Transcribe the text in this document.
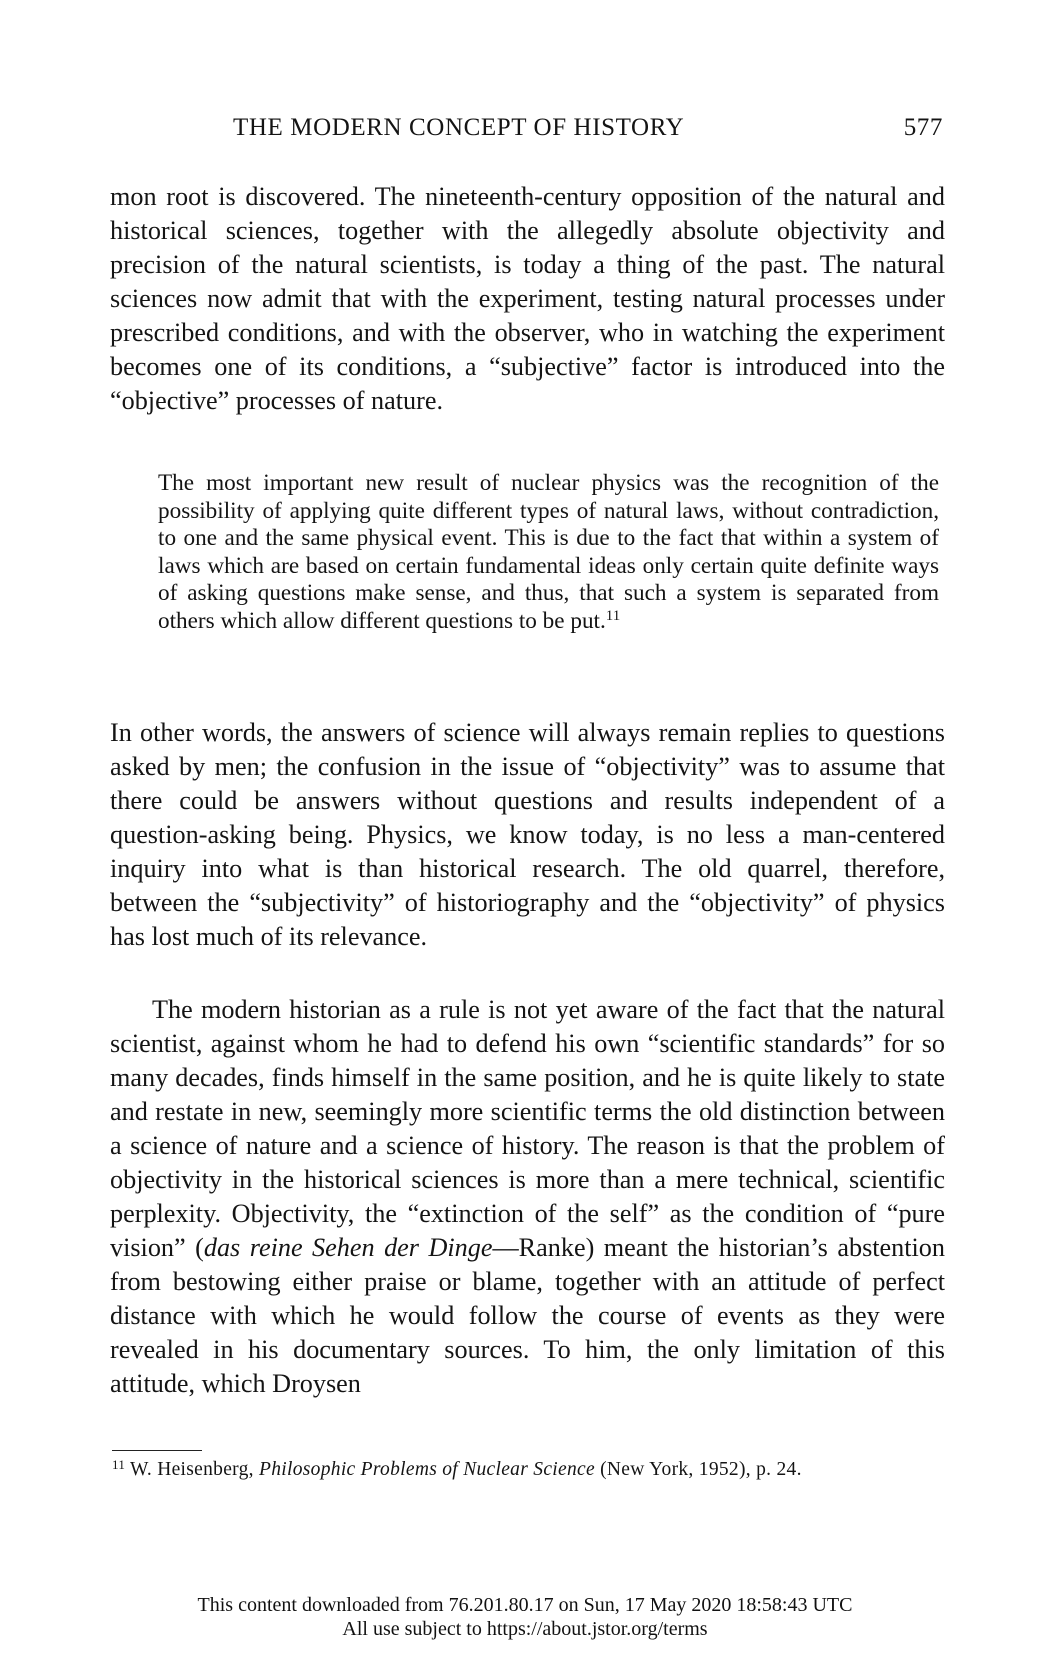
THE MODERN CONCEPT OF HISTORY	577

mon root is discovered. The nineteenth-century opposition of the natural and historical sciences, together with the allegedly absolute objectivity and precision of the natural scientists, is today a thing of the past. The natural sciences now admit that with the experiment, testing natural processes under prescribed conditions, and with the observer, who in watching the experiment becomes one of its conditions, a “subjective” factor is introduced into the “objective” processes of nature.

The most important new result of nuclear physics was the recognition of the possibility of applying quite different types of natural laws, without contradiction, to one and the same physical event. This is due to the fact that within a system of laws which are based on certain fundamental ideas only certain quite definite ways of asking questions make sense, and thus, that such a system is separated from others which allow different questions to be put.$^{11}$

In other words, the answers of science will always remain replies to questions asked by men; the confusion in the issue of “objectivity” was to assume that there could be answers without questions and results independent of a question-asking being. Physics, we know today, is no less a man-centered inquiry into what is than historical research. The old quarrel, therefore, between the “subjectivity” of historiography and the “objectivity” of physics has lost much of its relevance.

The modern historian as a rule is not yet aware of the fact that the natural scientist, against whom he had to defend his own “scientific standards” for so many decades, finds himself in the same position, and he is quite likely to state and restate in new, seemingly more scientific terms the old distinction between a science of nature and a science of history. The reason is that the problem of objectivity in the historical sciences is more than a mere technical, scientific perplexity. Objectivity, the “extinction of the self” as the condition of “pure vision” (das reine Sehen der Dinge—Ranke) meant the historian’s abstention from bestowing either praise or blame, together with an attitude of perfect distance with which he would follow the course of events as they were revealed in his documentary sources. To him, the only limitation of this attitude, which Droysen

$^{11}$ W. Heisenberg, Philosophic Problems of Nuclear Science (New York, 1952), p. 24.

This content downloaded from 76.201.80.17 on Sun, 17 May 2020 18:58:43 UTC
All use subject to https://about.jstor.org/terms
